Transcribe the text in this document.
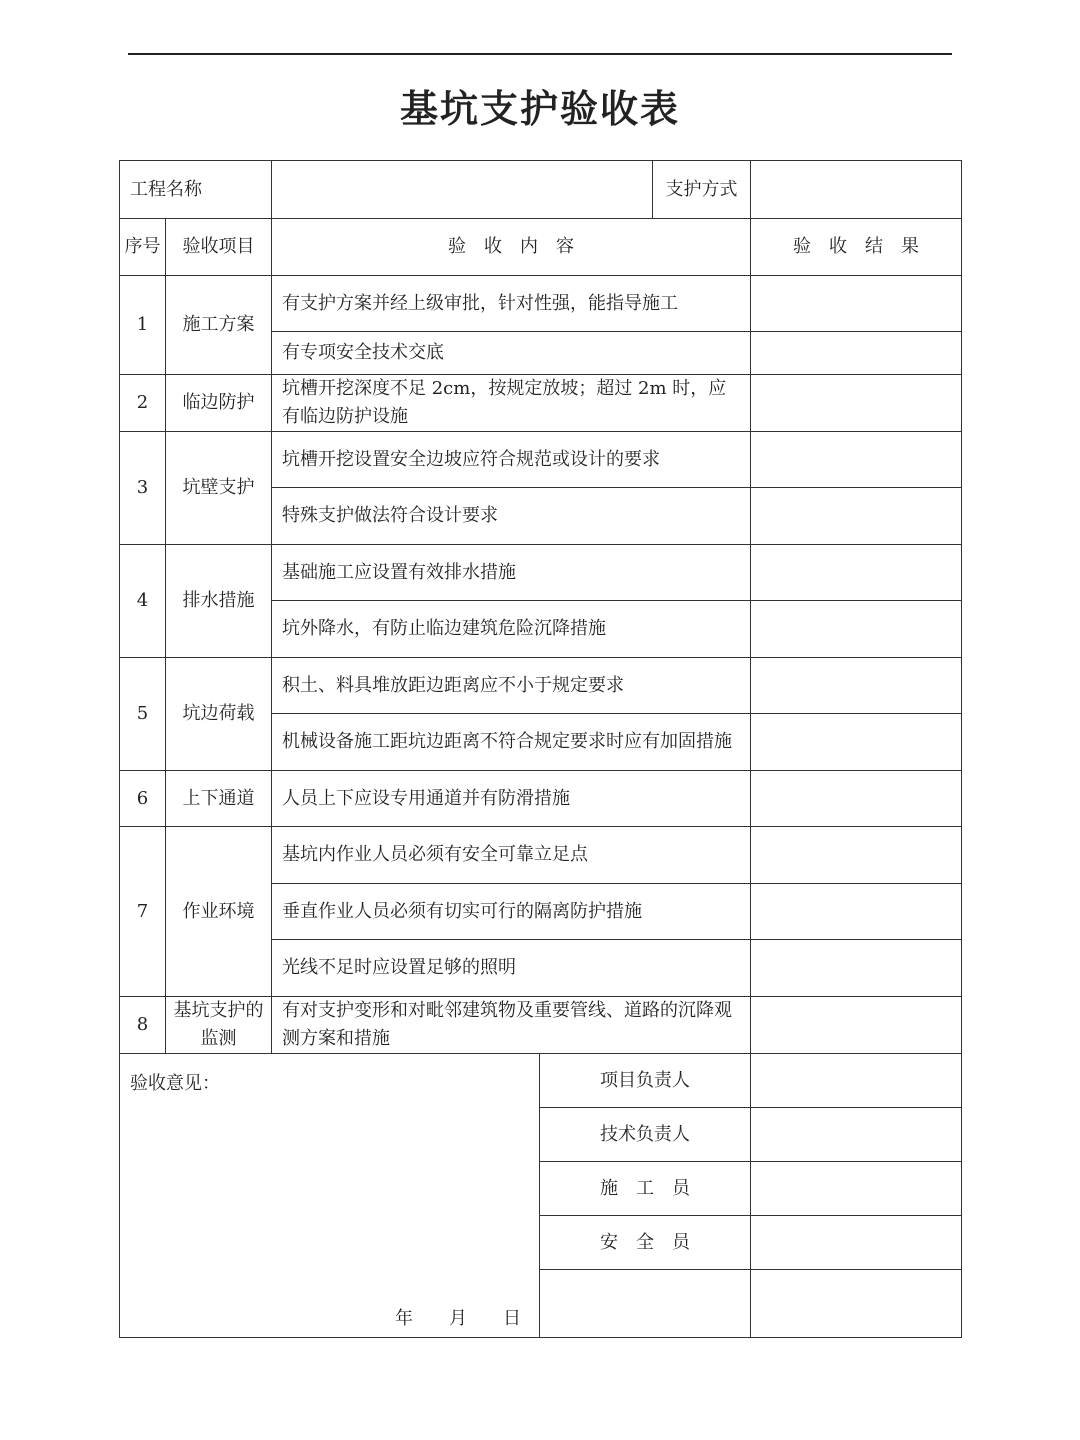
基坑支护验收表
工程名称				支护方式	
序号	验收项目	验　收　内　容			验　收　结　果
1	施工方案	有支护方案并经上级审批，针对性强，能指导施工			
		有专项安全技术交底			
2	临边防护	坑槽开挖深度不足 2cm，按规定放坡；超过 2m 时，应有临边防护设施			
3	坑壁支护	坑槽开挖设置安全边坡应符合规范或设计的要求			
		特殊支护做法符合设计要求			
4	排水措施	基础施工应设置有效排水措施			
		坑外降水，有防止临边建筑危险沉降措施			
5	坑边荷载	积土、料具堆放距边距离应不小于规定要求			
		机械设备施工距坑边距离不符合规定要求时应有加固措施			
6	上下通道	人员上下应设专用通道并有防滑措施			
7	作业环境	基坑内作业人员必须有安全可靠立足点			
		垂直作业人员必须有切实可行的隔离防护措施			
		光线不足时应设置足够的照明			
8	基坑支护的监测	有对支护变形和对毗邻建筑物及重要管线、道路的沉降观测方案和措施			

验收意见：
年　　月　　日			项目负责人		
			技术负责人		
			施　工　员		
			安　全　员		
